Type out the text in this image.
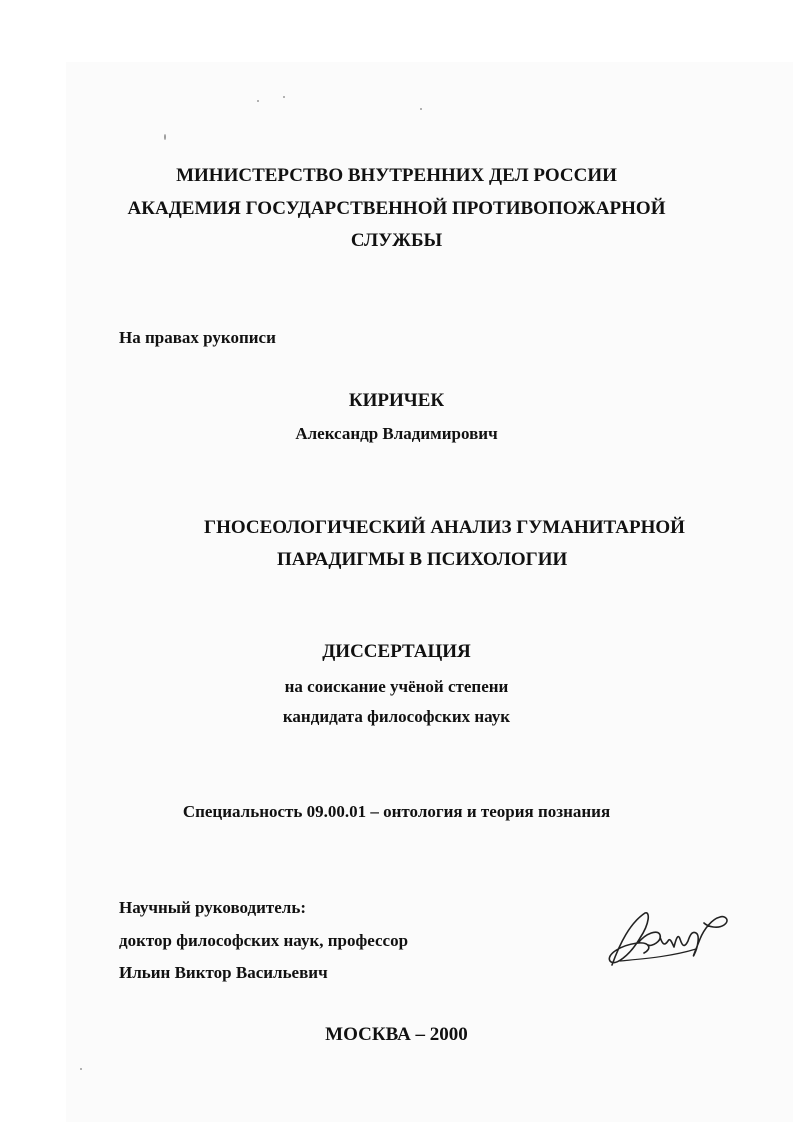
МИНИСТЕРСТВО ВНУТРЕННИХ ДЕЛ РОССИИ

АКАДЕМИЯ ГОСУДАРСТВЕННОЙ ПРОТИВОПОЖАРНОЙ

СЛУЖБЫ

На правах рукописи

КИРИЧЕК

Александр Владимирович

ГНОСЕОЛОГИЧЕСКИЙ АНАЛИЗ ГУМАНИТАРНОЙ

ПАРАДИГМЫ В ПСИХОЛОГИИ

ДИССЕРТАЦИЯ

на соискание учёной степени

кандидата философских наук

Специальность 09.00.01 – онтология и теория познания

Научный руководитель:

доктор философских наук, профессор

Ильин Виктор Васильевич

МОСКВА – 2000
